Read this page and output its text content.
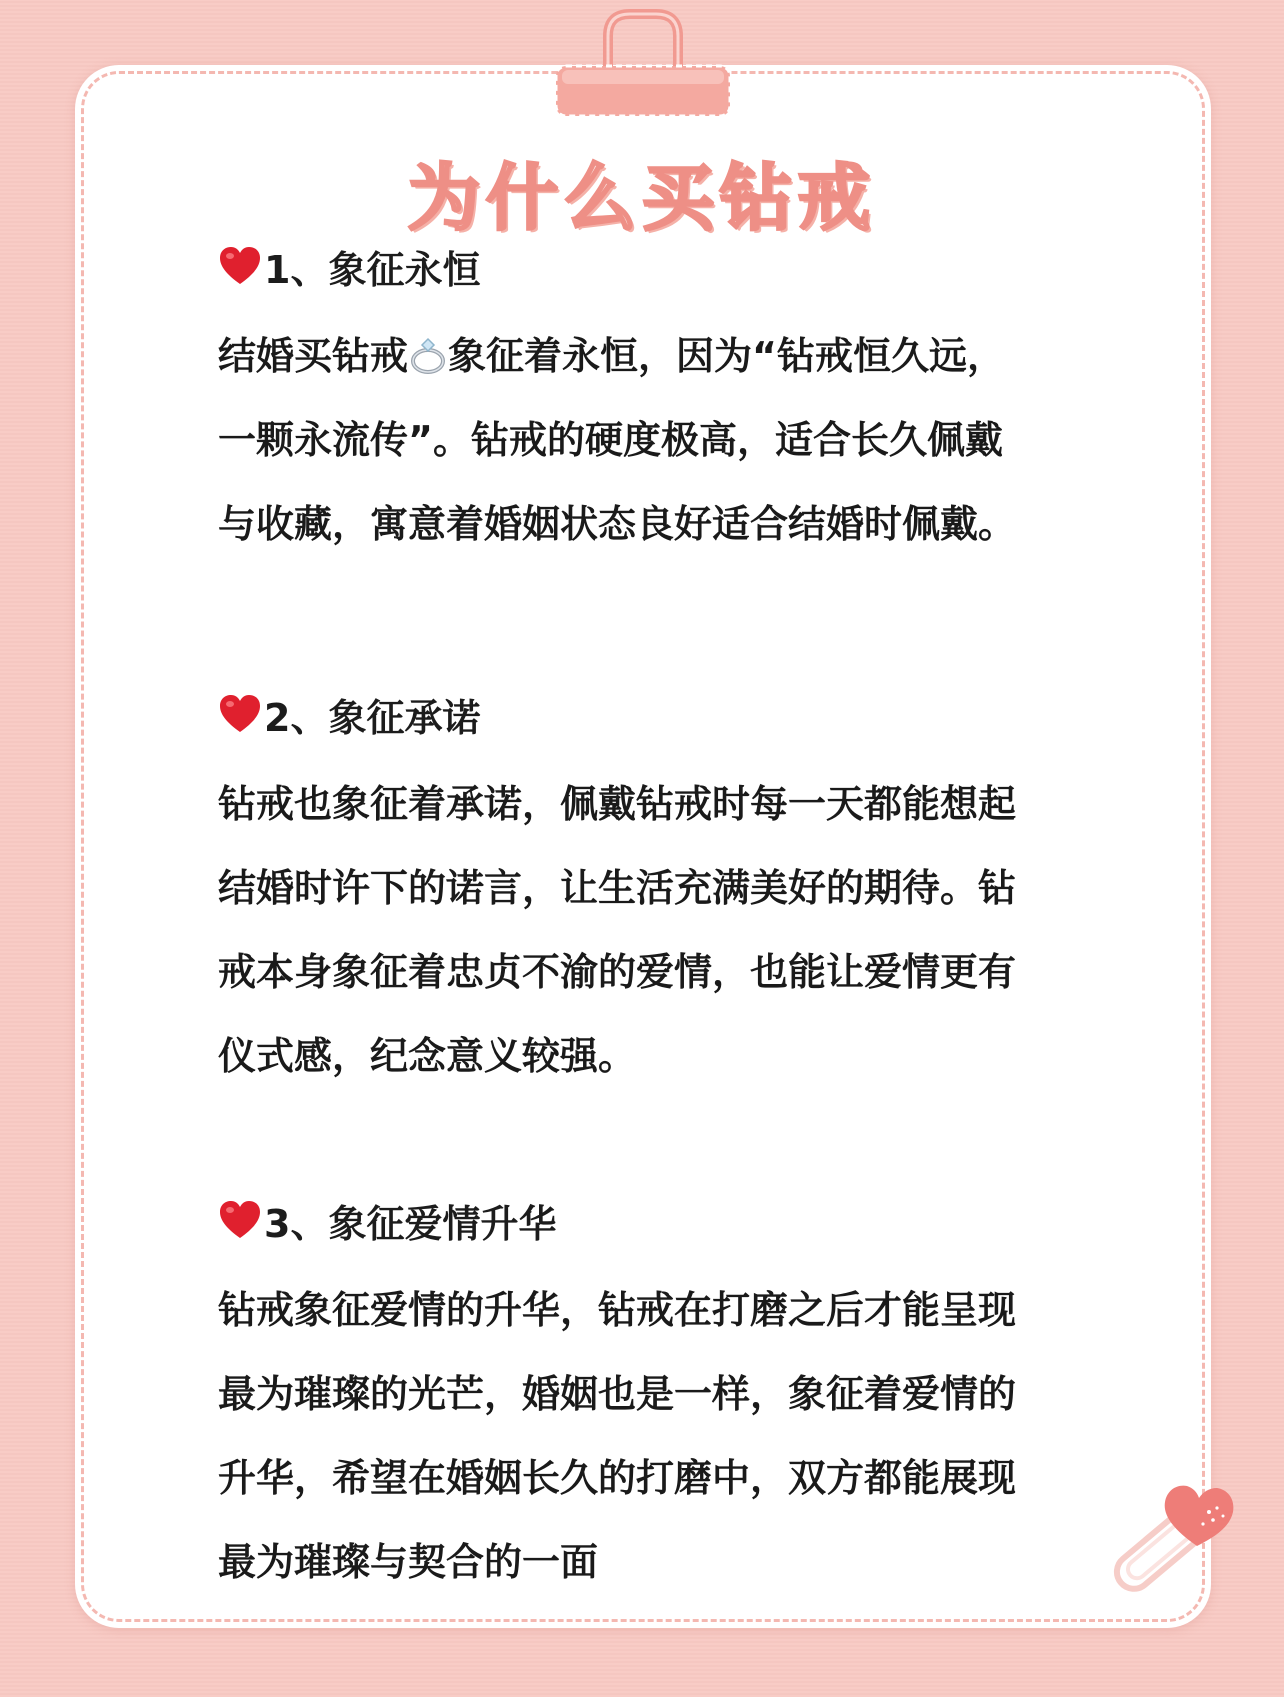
为什么买钻戒
1、象征永恒
结婚买钻戒 象征着永恒，因为“钻戒恒久远，
一颗永流传”。钻戒的硬度极高，适合长久佩戴
与收藏，寓意着婚姻状态良好适合结婚时佩戴。
2、象征承诺
钻戒也象征着承诺，佩戴钻戒时每一天都能想起
结婚时许下的诺言，让生活充满美好的期待。钻
戒本身象征着忠贞不渝的爱情，也能让爱情更有
仪式感，纪念意义较强。
3、象征爱情升华
钻戒象征爱情的升华，钻戒在打磨之后才能呈现
最为璀璨的光芒，婚姻也是一样，象征着爱情的
升华，希望在婚姻长久的打磨中，双方都能展现
最为璀璨与契合的一面
